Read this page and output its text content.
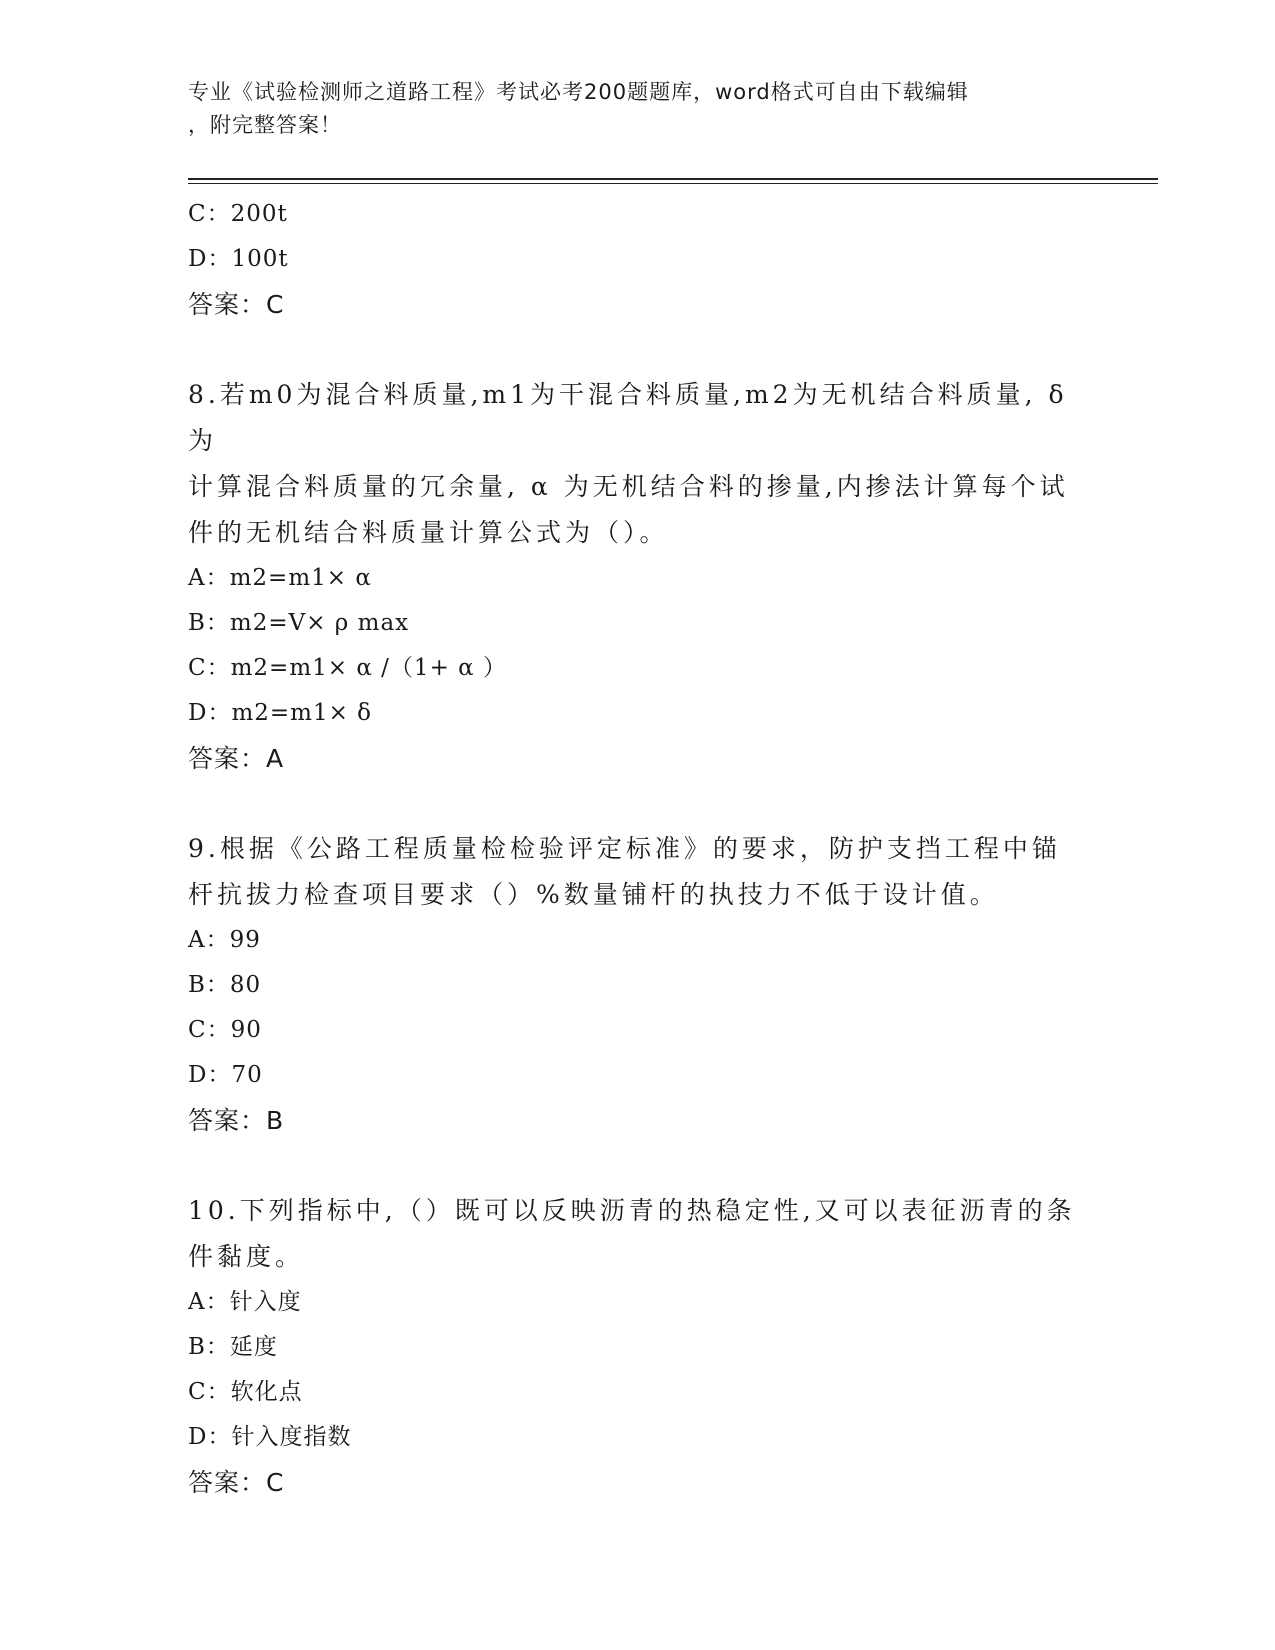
专业《试验检测师之道路工程》考试必考200题题库，word格式可自由下载编辑
，附完整答案！
C：200t
D：100t
答案：C
8.若m0为混合料质量,m1为干混合料质量,m2为无机结合料质量, δ 为
计算混合料质量的冗余量, α 为无机结合料的掺量,内掺法计算每个试
件的无机结合料质量计算公式为（）。
A：m2=m1× α
B：m2=V× ρ max
C：m2=m1× α /（1+ α ）
D：m2=m1× δ
答案：A
9.根据《公路工程质量检检验评定标准》的要求，防护支挡工程中锚
杆抗拔力检查项目要求（）%数量铺杆的执技力不低于设计值。
A：99
B：80
C：90
D：70
答案：B
10.下列指标中,（）既可以反映沥青的热稳定性,又可以表征沥青的条
件黏度。
A：针入度
B：延度
C：软化点
D：针入度指数
答案：C
